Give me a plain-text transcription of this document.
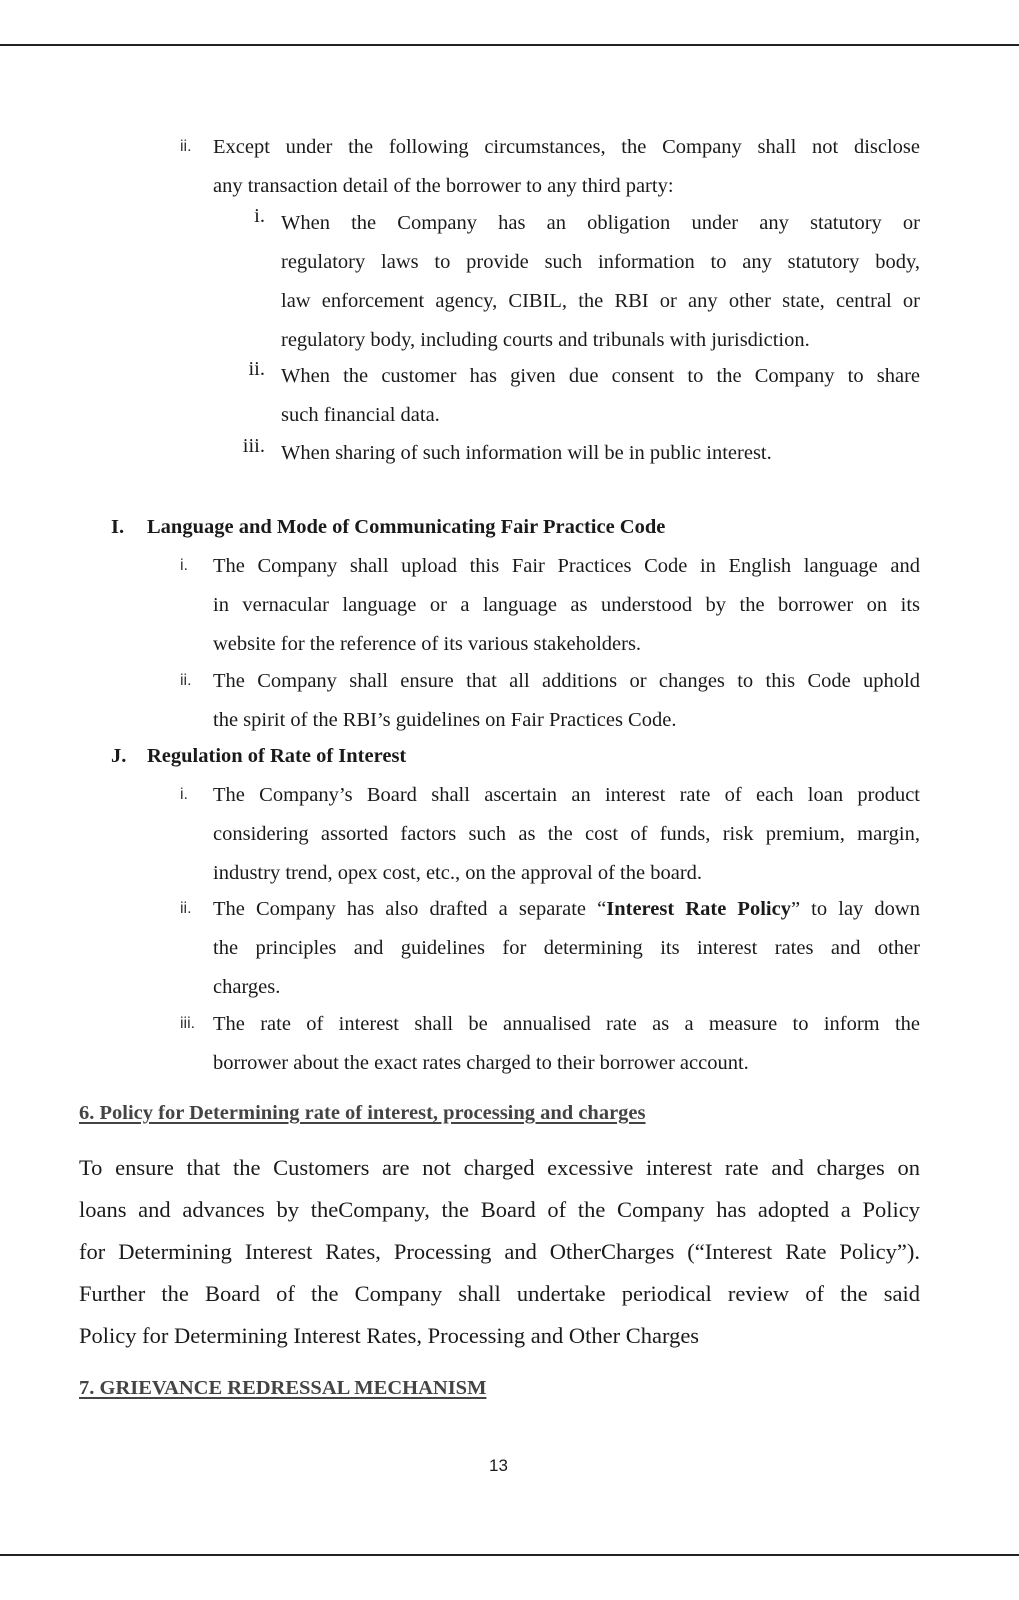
ii. Except under the following circumstances, the Company shall not disclose
any transaction detail of the borrower to any third party:
i. When the Company has an obligation under any statutory or
regulatory laws to provide such information to any statutory body,
law enforcement agency, CIBIL, the RBI or any other state, central or
regulatory body, including courts and tribunals with jurisdiction.
ii. When the customer has given due consent to the Company to share
such financial data.
iii. When sharing of such information will be in public interest.
I. Language and Mode of Communicating Fair Practice Code
i. The Company shall upload this Fair Practices Code in English language and
in vernacular language or a language as understood by the borrower on its
website for the reference of its various stakeholders.
ii. The Company shall ensure that all additions or changes to this Code uphold
the spirit of the RBI’s guidelines on Fair Practices Code.
J. Regulation of Rate of Interest
i. The Company’s Board shall ascertain an interest rate of each loan product
considering assorted factors such as the cost of funds, risk premium, margin,
industry trend, opex cost, etc., on the approval of the board.
ii. The Company has also drafted a separate “Interest Rate Policy” to lay down
the principles and guidelines for determining its interest rates and other
charges.
iii. The rate of interest shall be annualised rate as a measure to inform the
borrower about the exact rates charged to their borrower account.
6. Policy for Determining rate of interest, processing and charges
To ensure that the Customers are not charged excessive interest rate and charges on
loans and advances by theCompany, the Board of the Company has adopted a Policy
for Determining Interest Rates, Processing and OtherCharges (“Interest Rate Policy”).
Further the Board of the Company shall undertake periodical review of the said
Policy for Determining Interest Rates, Processing and Other Charges
7. GRIEVANCE REDRESSAL MECHANISM
13
